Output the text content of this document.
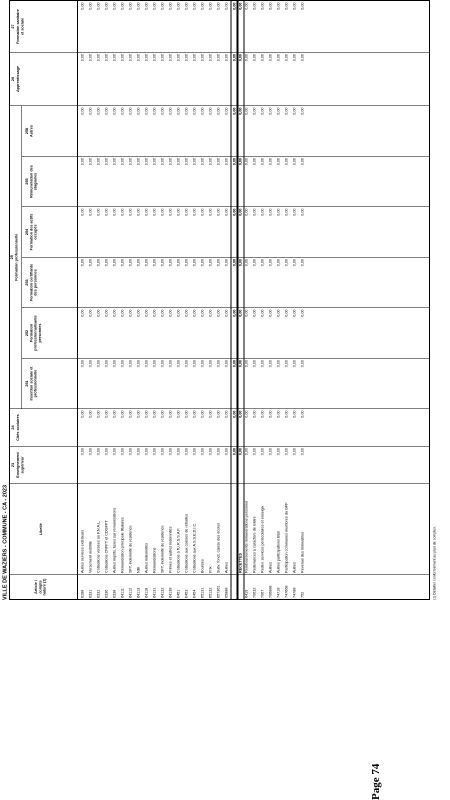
VILLE DE WAZIERS - COMMUNE - CA - 2023	Article / compte nature (1)
Libellé
23 Enseignement supérieur
24 Cités scolaires
25 Formation professionnelle
251 Insertion sociale et professionnelle
252 Formation professionnalisante personnes
253 Formation certifiante des personnes
254 Formation des actifs occupés
255 Rémunération des stagiaires
258 Autres
26 Apprentissage
27 Formation sanitaire et sociale
6288
Autres services extérieurs
0,00
0,00
0,00
0,00
0,00
0,00
0,00
0,00
0,00
0,00
6331
Versement mobilité
0,00
0,00
0,00
0,00
0,00
0,00
0,00
0,00
0,00
0,00
6332
Cotisations versées au F.N.A.L.
0,00
0,00
0,00
0,00
0,00
0,00
0,00
0,00
0,00
0,00
6336
Cotisations CNFPT et CDGFPT
0,00
0,00
0,00
0,00
0,00
0,00
0,00
0,00
0,00
0,00
6338
Autres impôts, taxes sur rémunérations
0,00
0,00
0,00
0,00
0,00
0,00
0,00
0,00
0,00
0,00
64111
Rémunération principale titulaires
0,00
0,00
0,00
0,00
0,00
0,00
0,00
0,00
0,00
0,00
64112
SFT, indemnité de résidence
0,00
0,00
0,00
0,00
0,00
0,00
0,00
0,00
0,00
0,00
64113
NBI
0,00
0,00
0,00
0,00
0,00
0,00
0,00
0,00
0,00
0,00
64118
Autres indemnités
0,00
0,00
0,00
0,00
0,00
0,00
0,00
0,00
0,00
0,00
64131
Rémunérations
0,00
0,00
0,00
0,00
0,00
0,00
0,00
0,00
0,00
0,00
64132
SFT, indemnité de résidence
0,00
0,00
0,00
0,00
0,00
0,00
0,00
0,00
0,00
0,00
64138
Primes et autres indemnités
0,00
0,00
0,00
0,00
0,00
0,00
0,00
0,00
0,00
0,00
6451
Cotisations à l'U.R.S.S.A.F.
0,00
0,00
0,00
0,00
0,00
0,00
0,00
0,00
0,00
0,00
6453
Cotisations aux caisses de retraites
0,00
0,00
0,00
0,00
0,00
0,00
0,00
0,00
0,00
0,00
6454
Cotisations aux A.S.S.E.D.I.C.
0,00
0,00
0,00
0,00
0,00
0,00
0,00
0,00
0,00
0,00
65131
Bourses
0,00
0,00
0,00
0,00
0,00
0,00
0,00
0,00
0,00
0,00
65132
Prix
0,00
0,00
0,00
0,00
0,00
0,00
0,00
0,00
0,00
0,00
657361
Subv. fonct. caisse des écoles
0,00
0,00
0,00
0,00
0,00
0,00
0,00
0,00
0,00
0,00
65888
Autres
0,00
0,00
0,00
0,00
0,00
0,00
0,00
0,00
0,00
0,00
0,00
0,00
0,00
0,00
0,00
0,00
0,00
0,00
0,00
0,00
RECETTES
0,00
0,00
0,00
0,00
0,00
0,00
0,00
0,00
0,00
0,00
6419
Remboursements rémunérations personnel
0,00
0,00
0,00
0,00
0,00
0,00
0,00
0,00
0,00
0,00
70632
Redevances à caractère de loisirs
0,00
0,00
0,00
0,00
0,00
0,00
0,00
0,00
0,00
0,00
7067
Redev. services périscolaires et enseign
0,00
0,00
0,00
0,00
0,00
0,00
0,00
0,00
0,00
0,00
706888
Autres
0,00
0,00
0,00
0,00
0,00
0,00
0,00
0,00
0,00
0,00
74718
Autres participations Etat
0,00
0,00
0,00
0,00
0,00
0,00
0,00
0,00
0,00
0,00
747668
Participation communes membres du GFP
0,00
0,00
0,00
0,00
0,00
0,00
0,00
0,00
0,00
0,00
74788
Autres
0,00
0,00
0,00
0,00
0,00
0,00
0,00
0,00
0,00
0,00
752
Revenus des immeubles
0,00
0,00
0,00
0,00
0,00
0,00
0,00
0,00
0,00
0,00
(1) Détailler conformément au plan de comptes.
Page 74
